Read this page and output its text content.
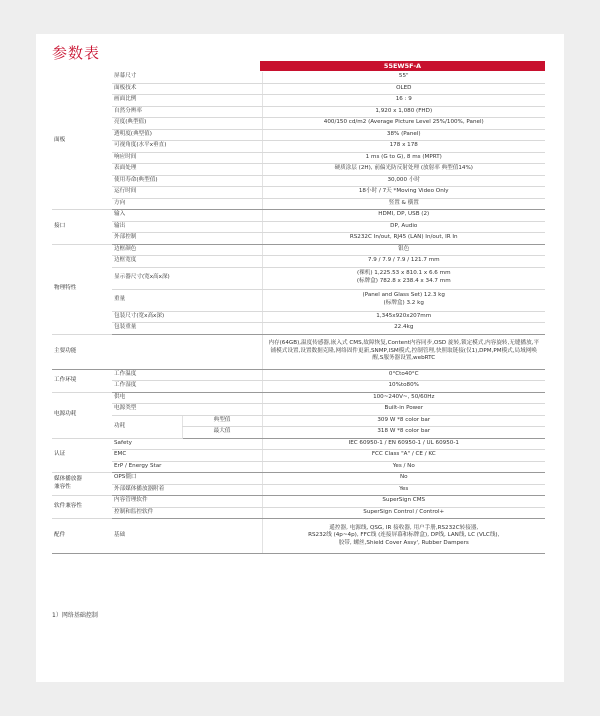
参数表
55EW5F-A
面板	屏幕尺寸		55"
	面板技术		OLED
	画面比例		16 : 9
	自然分辨率		1,920 x 1,080 (FHD)
	亮度(典型值)		400/150 cd/m2 (Average Picture Level 25%/100%, Panel)
	透明度(典型值)		38% (Panel)
	可视角度(水平x垂直)		178 x 178
	响应时间		1 ms (G to G), 8 ms (MPRT)
	表面处理		硬质涂层 (2H), 前偏光防反射处理 (放射率 典型值14%)
	使用寿命(典型值)		30,000 小时
	运行时间		18小时 / 7天 *Moving Video Only
	方向		竖置 & 横置
接口	输入		HDMI, DP, USB (2)
	输出		DP, Audio
	外部控制		RS232C In/out, RJ45 (LAN) In/out, IR In
物理特性	边框颜色		银色
	边框宽度		7.9 / 7.9 / 7.9 / 121.7 mm
	显示器尺寸(宽x高x深)		(裸机) 1,225.53 x 810.1 x 6.6 mm
(标牌盒) 782.8 x 238.4 x 34.7 mm
	重量		(Panel and Glass Set) 12.3 kg
(标牌盒) 3.2 kg
	包装尺寸(宽x高x深)		1,345x920x207mm
	包装重量		22.4kg
主要功能			内存(64GB),温度传感器,嵌入式 CMS,故障恢复,Content内容同步,OSD 旋转,锁定模式,内容旋转,无缝播放,平铺模式设置,设置数据克隆,网络固件更新,SNMP,ISM模式,控制管理,快照取链接(仅1),DPM,PM模式,局域网唤醒,S服务器设置,webRTC
工作环境	工作温度		0°Cto40°C
	工作湿度		10%to80%
电源功耗	供电		100~240V~, 50/60Hz
	电源类型		Built-in Power
	功耗	典型值	309 W *8 color bar
		最大值	318 W *8 color bar
认证	Safety		IEC 60950-1 / EN 60950-1 / UL 60950-1
	EMC		FCC Class "A" / CE / KC
	ErP / Energy Star		Yes / No
媒体播放器
兼容性	OPS僵口		No
	外部媒体播放器附着		Yes
软件兼容性	内容管理软件		SuperSign CMS
	控制和监控软件		SuperSign Control / Control+
配件	基础		遥控器, 电源线, QSG, IR 接收器, 用户手册,RS232C转接器,
RS232线 (4p~4p), FFC线 (连接屏幕和标牌盒), DP线, LAN线, LC (VLC线),
胶带, 螺丝,Shield Cover Assy', Rubber Dampers
1）网络基础控制
